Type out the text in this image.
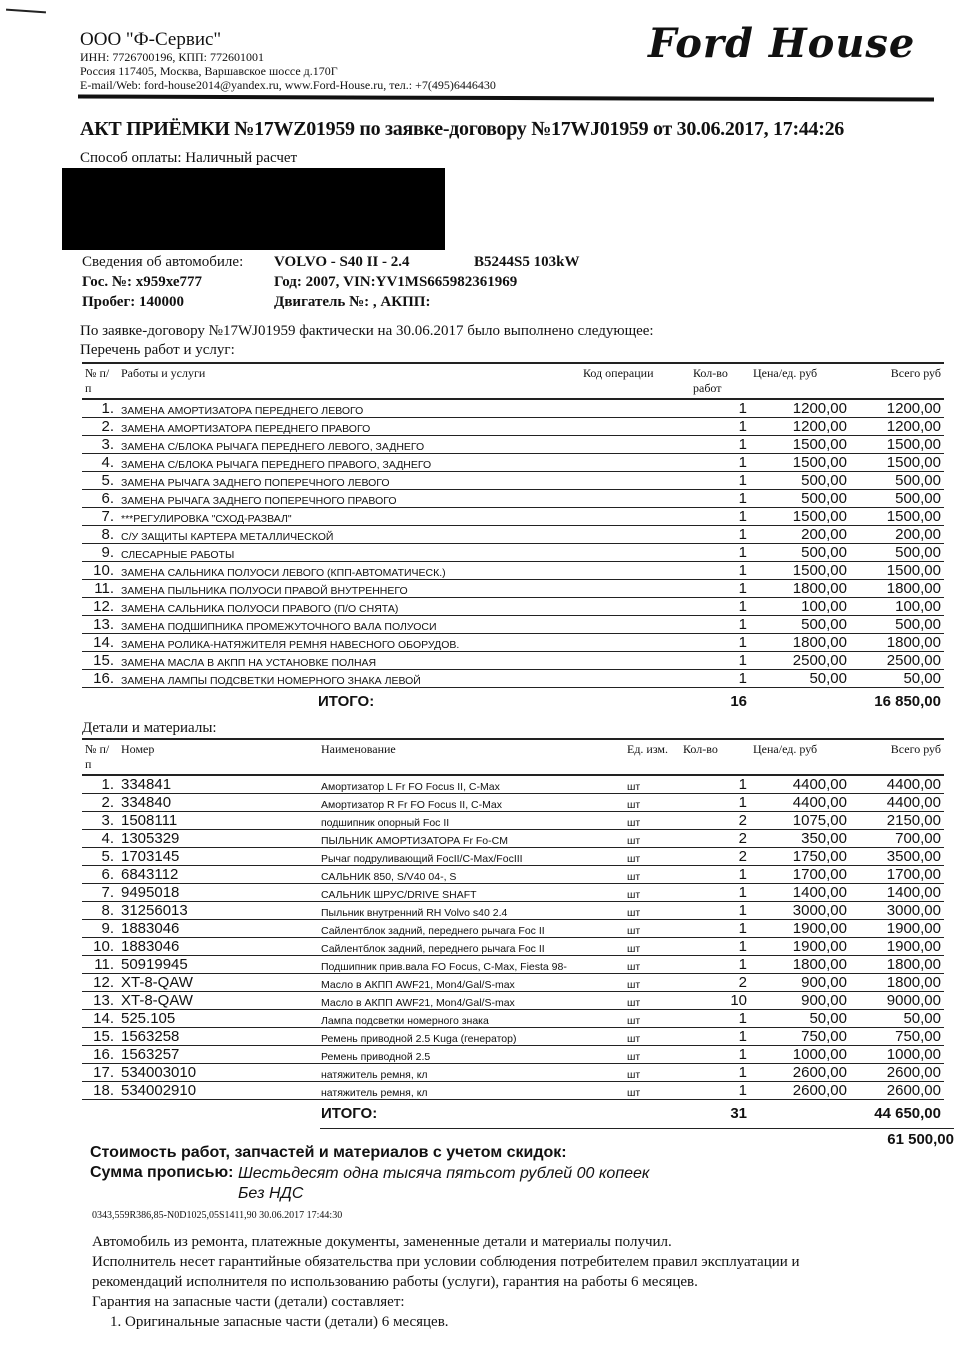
ООО "Ф-Сервис"
ИНН: 7726700196, КПП: 772601001
Россия 117405, Москва, Варшавское шоссе д.170Г
E-mail/Web: ford-house2014@yandex.ru, www.Ford-House.ru, тел.: +7(495)6446430
Ford House
АКТ ПРИЁМКИ №17WZ01959 по заявке-договору №17WJ01959 от 30.06.2017, 17:44:26
Способ оплаты: Наличный расчет
Сведения об автомобиле:	VOLVO - S40 II - 2.4	B5244S5 103kW
Гос. №: х959хе777	Год: 2007, VIN:YV1MS665982361969
Пробег: 140000	Двигатель №: , АКПП:
По заявке-договору №17WJ01959 фактически на 30.06.2017 было выполнено следующее:
Перечень работ и услуг:
№ п/п	Работы и услуги	Код операции	Кол-во работ	Цена/ед. руб	Всего руб
1.	ЗАМЕНА АМОРТИЗАТОРА ПЕРЕДНЕГО ЛЕВОГО		1	1200,00	1200,00
2.	ЗАМЕНА АМОРТИЗАТОРА ПЕРЕДНЕГО ПРАВОГО		1	1200,00	1200,00
3.	ЗАМЕНА С/БЛОКА РЫЧАГА ПЕРЕДНЕГО ЛЕВОГО, ЗАДНЕГО		1	1500,00	1500,00
4.	ЗАМЕНА С/БЛОКА РЫЧАГА ПЕРЕДНЕГО ПРАВОГО, ЗАДНЕГО		1	1500,00	1500,00
5.	ЗАМЕНА РЫЧАГА ЗАДНЕГО ПОПЕРЕЧНОГО ЛЕВОГО		1	500,00	500,00
6.	ЗАМЕНА РЫЧАГА ЗАДНЕГО ПОПЕРЕЧНОГО ПРАВОГО		1	500,00	500,00
7.	***РЕГУЛИРОВКА "СХОД-РАЗВАЛ"		1	1500,00	1500,00
8.	С/У ЗАЩИТЫ КАРТЕРА МЕТАЛЛИЧЕСКОЙ		1	200,00	200,00
9.	СЛЕСАРНЫЕ РАБОТЫ		1	500,00	500,00
10.	ЗАМЕНА САЛЬНИКА ПОЛУОСИ ЛЕВОГО (КПП-АВТОМАТИЧЕСК.)		1	1500,00	1500,00
11.	ЗАМЕНА ПЫЛЬНИКА ПОЛУОСИ ПРАВОЙ ВНУТРЕННЕГО		1	1800,00	1800,00
12.	ЗАМЕНА САЛЬНИКА ПОЛУОСИ ПРАВОГО (П/О СНЯТА)		1	100,00	100,00
13.	ЗАМЕНА ПОДШИПНИКА ПРОМЕЖУТОЧНОГО ВАЛА ПОЛУОСИ		1	500,00	500,00
14.	ЗАМЕНА РОЛИКА-НАТЯЖИТЕЛЯ РЕМНЯ НАВЕСНОГО ОБОРУДОВ.		1	1800,00	1800,00
15.	ЗАМЕНА МАСЛА В АКПП НА УСТАНОВКЕ ПОЛНАЯ		1	2500,00	2500,00
16.	ЗАМЕНА ЛАМПЫ ПОДСВЕТКИ НОМЕРНОГО ЗНАКА ЛЕВОЙ		1	50,00	50,00
	ИТОГО:		16		16 850,00
Детали и материалы:
№ п/п	Номер	Наименование	Ед. изм.	Кол-во	Цена/ед. руб	Всего руб
1.	334841	Амортизатор L Fr FO Focus II, C-Max	шт	1	4400,00	4400,00
2.	334840	Амортизатор R Fr FO Focus II, C-Max	шт	1	4400,00	4400,00
3.	1508111	подшипник опорный Foc II	шт	2	1075,00	2150,00
4.	1305329	ПЫЛЬНИК АМОРТИЗАТОРА Fr Fo-CM	шт	2	350,00	700,00
5.	1703145	Рычаг подруливающий FocII/C-Max/FocIII	шт	2	1750,00	3500,00
6.	6843112	САЛЬНИК 850, S/V40 04-, S	шт	1	1700,00	1700,00
7.	9495018	САЛЬНИК ШРУС/DRIVE SHAFT	шт	1	1400,00	1400,00
8.	31256013	Пыльник внутренний RH Volvo s40 2.4	шт	1	3000,00	3000,00
9.	1883046	Сайлентблок задний, переднего рычага Foc II	шт	1	1900,00	1900,00
10.	1883046	Сайлентблок задний, переднего рычага Foc II	шт	1	1900,00	1900,00
11.	50919945	Подшипник прив.вала FO Focus, C-Max, Fiesta 98-	шт	1	1800,00	1800,00
12.	XT-8-QAW	Масло в АКПП AWF21, Mon4/Gal/S-max	шт	2	900,00	1800,00
13.	XT-8-QAW	Масло в АКПП AWF21, Mon4/Gal/S-max	шт	10	900,00	9000,00
14.	525.105	Лампа подсветки номерного знака	шт	1	50,00	50,00
15.	1563258	Ремень приводной 2.5 Kuga (генератор)	шт	1	750,00	750,00
16.	1563257	Ремень приводной 2.5	шт	1	1000,00	1000,00
17.	534003010	натяжитель ремня, кл	шт	1	2600,00	2600,00
18.	534002910	натяжитель ремня, кл	шт	1	2600,00	2600,00
		ИТОГО:		31		44 650,00
61 500,00
Стоимость работ, запчастей и материалов с учетом скидок:
Сумма прописью: Шестьдесят одна тысяча пятьсот рублей 00 копеек
Без НДС
0343,559R386,85-N0D1025,05S1411,90 30.06.2017 17:44:30
Автомобиль из ремонта, платежные документы, замененные детали и материалы получил.
Исполнитель несет гарантийные обязательства при условии соблюдения потребителем правил эксплуатации и
рекомендаций исполнителя по использованию работы (услуги), гарантия на работы 6 месяцев.
Гарантия на запасные части (детали) составляет:
1. Оригинальные запасные части (детали) 6 месяцев.
